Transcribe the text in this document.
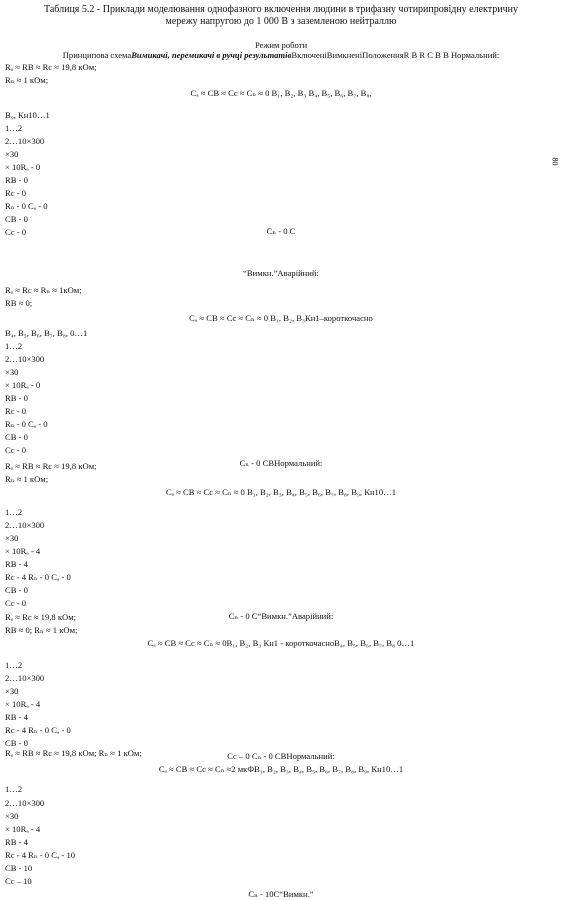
Таблиця 5.2 - Приклади моделювання однофазного включення людини в трифазну чотирипровідну електричну
мережу напругою до 1 000 В з заземленою нейтраллю
Режим роботи
Принципова схемаВимикачі, перемикачі в ручці результатівВключеніВимкненіПоложенняR В R С В В Нормальний:
80
Rₐ ≈ RΒ ≈ Rc ≈ 19,8 кОм;
Rₙ ≈ 1 кОм;
Cₐ ≈ CΒ ≈ Cc ≈ Cₙ ≈ 0 B₁, B₂, B₃ B₄, B₅, B₆, B₇, B₈,
B₉, Кн10…1
1…2
2…10×300
×30
× 10Rₐ - 0
RΒ - 0
Rc - 0
Rₙ - 0 Cₐ - 0
CΒ - 0
Cc - 0	Cₙ - 0 С
“Вимкн.”Аварійний:
Rₐ ≈ Rc ≈ Rₙ ≈ 1кОм;
RΒ ≈ 0;
Cₐ ≈ CΒ ≈ Cc ≈ Cₙ ≈ 0 B₁, B₂, B₃Кн1–короткочасно
B₄, B₅, B₆, B₇, B₈, 0…1
1…2
2…10×300
×30
× 10Rₐ - 0
RΒ - 0
Rc - 0
Rₙ - 0 Cₐ - 0
CΒ - 0
Cc - 0
Cₙ - 0 СВНормальний:
Rₐ ≈ RΒ ≈ Rc ≈ 19,8 кОм;
Rₙ ≈ 1 кОм;
Cₐ ≈ CΒ ≈ Cc ≈ Cₙ ≈ 0 B₁, B₂, B₃, B₄, B₅, B₆, B₇, B₈, B₉, Кн10…1
1…2
2…10×300
×30
× 10Rₐ - 4
RΒ - 4
Rc - 4 Rₙ - 0 Cₐ - 0
CΒ - 0
Cc - 0
Cₙ - 0 С“Вимкн.”Аварійний:
Rₐ ≈ Rc ≈ 19,8 кОм;
RΒ ≈ 0; Rₙ ≈ 1 кОм;
Cₐ ≈ CΒ ≈ Cc ≈ Cₙ ≈ 0B₁, B₂, B₃ Кн1 - короткочасноB₄, B₅, B₆, B₇, B₈ 0…1
1…2
2…10×300
×30
× 10Rₐ - 4
RΒ - 4
Rc - 4 Rₙ - 0 Cₐ - 0
CΒ - 0
Cc – 0 Cₙ - 0 СВНормальний:
Rₐ ≈ RΒ ≈ Rc ≈ 19,8 кОм; Rₙ ≈ 1 кОм;
Cₐ ≈ CΒ ≈ Cc ≈ Cₙ ≈2 мкФB₁, B₂, B₃, B₄, B₅, B₆, B₇, B₈, B₉, Кн10…1
1…2
2…10×300
×30
× 10Rₐ - 4
RΒ - 4
Rc - 4 Rₙ - 0 Cₐ - 10
CΒ - 10
Cc – 10
Cₙ - 10С“Вимкн.”
